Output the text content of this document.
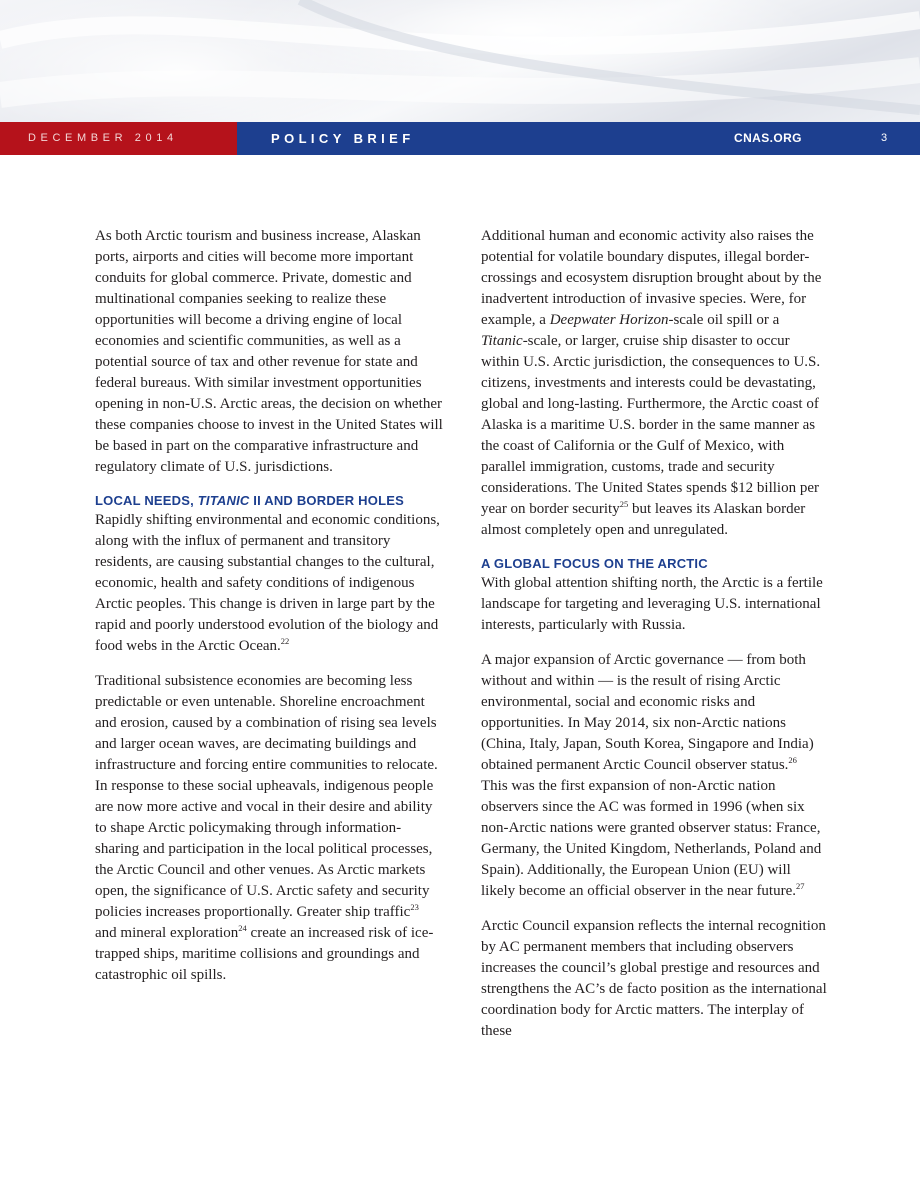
DECEMBER 2014	POLICY BRIEF	CNAS.ORG	3

As both Arctic tourism and business increase, Alaskan ports, airports and cities will become more important conduits for global commerce. Private, domestic and multinational companies seeking to realize these opportunities will become a driving engine of local economies and scientific communities, as well as a potential source of tax and other revenue for state and federal bureaus. With similar investment opportunities opening in non-U.S. Arctic areas, the decision on whether these companies choose to invest in the United States will be based in part on the comparative infrastructure and regulatory climate of U.S. jurisdictions.

LOCAL NEEDS, TITANIC II AND BORDER HOLES

Rapidly shifting environmental and economic conditions, along with the influx of permanent and transitory residents, are causing substantial changes to the cultural, economic, health and safety conditions of indigenous Arctic peoples. This change is driven in large part by the rapid and poorly understood evolution of the biology and food webs in the Arctic Ocean.$^{22}$

Traditional subsistence economies are becoming less predictable or even untenable. Shoreline encroachment and erosion, caused by a combination of rising sea levels and larger ocean waves, are decimating buildings and infrastructure and forcing entire communities to relocate. In response to these social upheavals, indigenous people are now more active and vocal in their desire and ability to shape Arctic policymaking through information-sharing and participation in the local political processes, the Arctic Council and other venues. As Arctic markets open, the significance of U.S. Arctic safety and security policies increases proportionally. Greater ship traffic$^{23}$ and mineral exploration$^{24}$ create an increased risk of ice-trapped ships, maritime collisions and groundings and catastrophic oil spills.

Additional human and economic activity also raises the potential for volatile boundary disputes, illegal border-crossings and ecosystem disruption brought about by the inadvertent introduction of invasive species. Were, for example, a Deepwater Horizon-scale oil spill or a Titanic-scale, or larger, cruise ship disaster to occur within U.S. Arctic jurisdiction, the consequences to U.S. citizens, investments and interests could be devastating, global and long-lasting. Furthermore, the Arctic coast of Alaska is a maritime U.S. border in the same manner as the coast of California or the Gulf of Mexico, with parallel immigration, customs, trade and security considerations. The United States spends $12 billion per year on border security$^{25}$ but leaves its Alaskan border almost completely open and unregulated.

A GLOBAL FOCUS ON THE ARCTIC

With global attention shifting north, the Arctic is a fertile landscape for targeting and leveraging U.S. international interests, particularly with Russia.

A major expansion of Arctic governance — from both without and within — is the result of rising Arctic environmental, social and economic risks and opportunities. In May 2014, six non-Arctic nations (China, Italy, Japan, South Korea, Singapore and India) obtained permanent Arctic Council observer status.$^{26}$ This was the first expansion of non-Arctic nation observers since the AC was formed in 1996 (when six non-Arctic nations were granted observer status: France, Germany, the United Kingdom, Netherlands, Poland and Spain). Additionally, the European Union (EU) will likely become an official observer in the near future.$^{27}$

Arctic Council expansion reflects the internal recognition by AC permanent members that including observers increases the council’s global prestige and resources and strengthens the AC’s de facto position as the international coordination body for Arctic matters. The interplay of these
